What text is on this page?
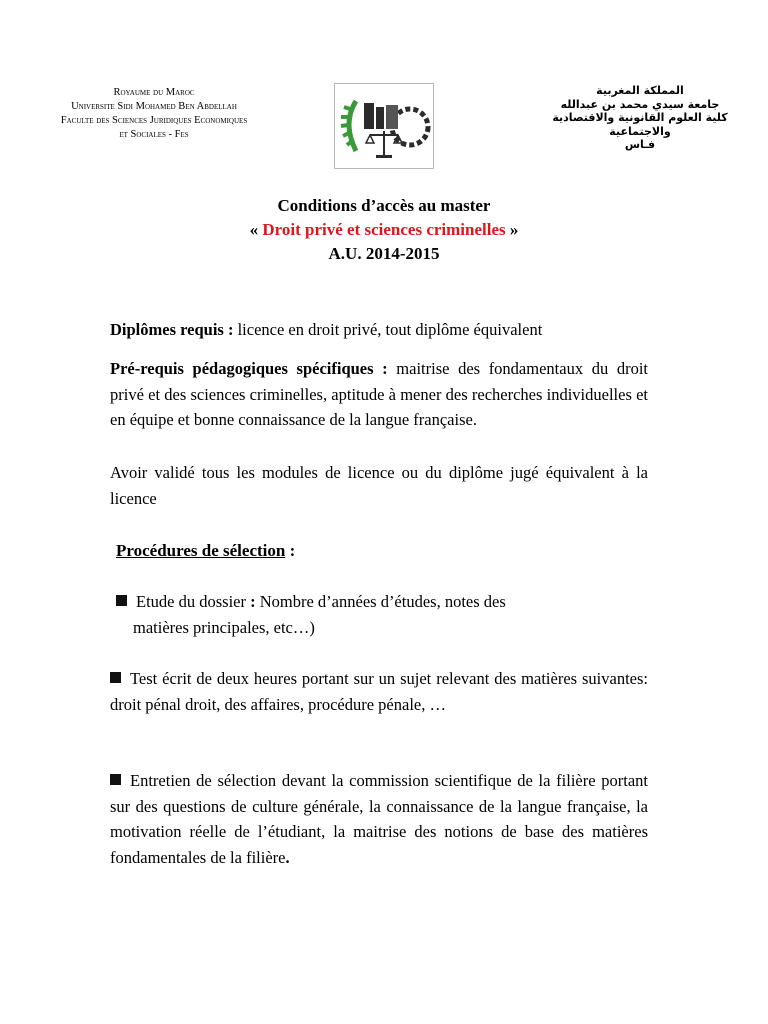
Royaume du Maroc
Universite Sidi Mohamed Ben Abdellah
Faculte des Sciences Juridiques Economiques
et Sociales - Fes
المملكة المغربية
جامعة سيدي محمد بن عبدالله
كلية العلوم القانونية والاقتصادية
والاجتماعية
فـاس
Conditions d’accès au master
« Droit privé et sciences criminelles »
A.U. 2014-2015
Diplômes requis : licence en droit privé, tout diplôme équivalent
Pré-requis pédagogiques spécifiques : maitrise des fondamentaux du droit privé et des sciences criminelles, aptitude à mener des recherches individuelles et en équipe et bonne connaissance de la langue française.
Avoir validé tous les modules de licence ou du diplôme jugé équivalent à la licence
Procédures de sélection :
Etude du dossier : Nombre d’années d’études, notes des
matières principales, etc…)
Test écrit de deux heures portant sur un sujet relevant des matières suivantes: droit pénal droit, des affaires, procédure pénale, …
Entretien de sélection devant la commission scientifique de la filière portant sur des questions de culture générale, la connaissance de la langue française, la motivation réelle de l’étudiant, la maitrise des notions de base des matières fondamentales de la filière.
